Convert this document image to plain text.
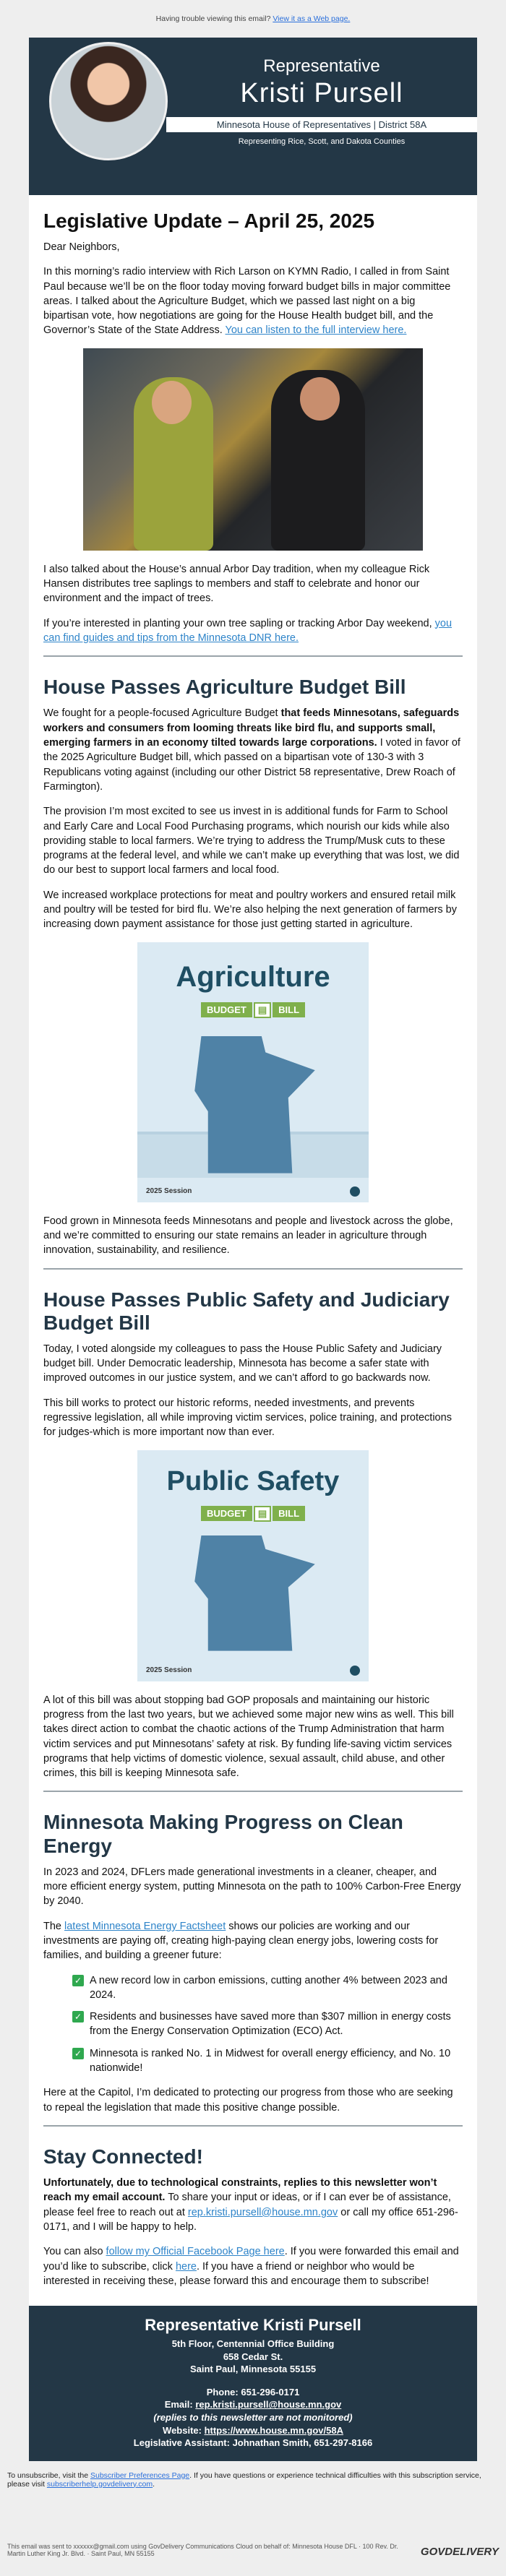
Having trouble viewing this email? View it as a Web page.
Representative
Kristi Pursell
Minnesota House of Representatives | District 58A
Representing Rice, Scott, and Dakota Counties
Legislative Update – April 25, 2025

Dear Neighbors,

In this morning’s radio interview with Rich Larson on KYMN Radio, I called in from Saint Paul because we’ll be on the floor today moving forward budget bills in major committee areas. I talked about the Agriculture Budget, which we passed last night on a big bipartisan vote, how negotiations are going for the House Health budget bill, and the Governor’s State of the State Address. You can listen to the full interview here.

I also talked about the House’s annual Arbor Day tradition, when my colleague Rick Hansen distributes tree saplings to members and staff to celebrate and honor our environment and the impact of trees.

If you’re interested in planting your own tree sapling or tracking Arbor Day weekend, you can find guides and tips from the Minnesota DNR here.

House Passes Agriculture Budget Bill

We fought for a people-focused Agriculture Budget that feeds Minnesotans, safeguards workers and consumers from looming threats like bird flu, and supports small, emerging farmers in an economy tilted towards large corporations. I voted in favor of the 2025 Agriculture Budget bill, which passed on a bipartisan vote of 130-3 with 3 Republicans voting against (including our other District 58 representative, Drew Roach of Farmington).

The provision I’m most excited to see us invest in is additional funds for Farm to School and Early Care and Local Food Purchasing programs, which nourish our kids while also providing stable to local farmers. We’re trying to address the Trump/Musk cuts to these programs at the federal level, and while we can’t make up everything that was lost, we did do our best to support local farmers and local food.

We increased workplace protections for meat and poultry workers and ensured retail milk and poultry will be tested for bird flu. We’re also helping the next generation of farmers by increasing down payment assistance for those just getting started in agriculture.

Agriculture
BUDGET	▤	BILL
2025 Session

Food grown in Minnesota feeds Minnesotans and people and livestock across the globe, and we’re committed to ensuring our state remains an leader in agriculture through innovation, sustainability, and resilience.

House Passes Public Safety and Judiciary Budget Bill

Today, I voted alongside my colleagues to pass the House Public Safety and Judiciary budget bill. Under Democratic leadership, Minnesota has become a safer state with improved outcomes in our justice system, and we can’t afford to go backwards now.

This bill works to protect our historic reforms, needed investments, and prevents regressive legislation, all while improving victim services, police training, and protections for judges-which is more important now than ever.

Public Safety
BUDGET	▤	BILL
2025 Session

A lot of this bill was about stopping bad GOP proposals and maintaining our historic progress from the last two years, but we achieved some major new wins as well. This bill takes direct action to combat the chaotic actions of the Trump Administration that harm victim services and put Minnesotans’ safety at risk. By funding life-saving victim services programs that help victims of domestic violence, sexual assault, child abuse, and other crimes, this bill is keeping Minnesota safe.

Minnesota Making Progress on Clean Energy

In 2023 and 2024, DFLers made generational investments in a cleaner, cheaper, and more efficient energy system, putting Minnesota on the path to 100% Carbon-Free Energy by 2040.

The latest Minnesota Energy Factsheet shows our policies are working and our investments are paying off, creating high-paying clean energy jobs, lowering costs for families, and building a greener future:

✓ A new record low in carbon emissions, cutting another 4% between 2023 and 2024.
✓ Residents and businesses have saved more than $307 million in energy costs from the Energy Conservation Optimization (ECO) Act.
✓ Minnesota is ranked No. 1 in Midwest for overall energy efficiency, and No. 10 nationwide!

Here at the Capitol, I’m dedicated to protecting our progress from those who are seeking to repeal the legislation that made this positive change possible.

Stay Connected!

Unfortunately, due to technological constraints, replies to this newsletter won’t reach my email account. To share your input or ideas, or if I can ever be of assistance, please feel free to reach out at rep.kristi.pursell@house.mn.gov or call my office 651-296-0171, and I will be happy to help.

You can also follow my Official Facebook Page here. If you were forwarded this email and you’d like to subscribe, click here. If you have a friend or neighbor who would be interested in receiving these, please forward this and encourage them to subscribe!

Representative Kristi Pursell
5th Floor, Centennial Office Building
658 Cedar St.
Saint Paul, Minnesota 55155
Phone: 651-296-0171
Email: rep.kristi.pursell@house.mn.gov
(replies to this newsletter are not monitored)
Website: https://www.house.mn.gov/58A
Legislative Assistant: Johnathan Smith, 651-297-8166
To unsubscribe, visit the Subscriber Preferences Page. If you have questions or experience technical difficulties with this subscription service, please visit subscriberhelp.govdelivery.com.
This email was sent to xxxxxx@gmail.com using GovDelivery Communications Cloud on behalf of: Minnesota House DFL · 100 Rev. Dr. Martin Luther King Jr. Blvd. · Saint Paul, MN 55155	GOVDELIVERY
